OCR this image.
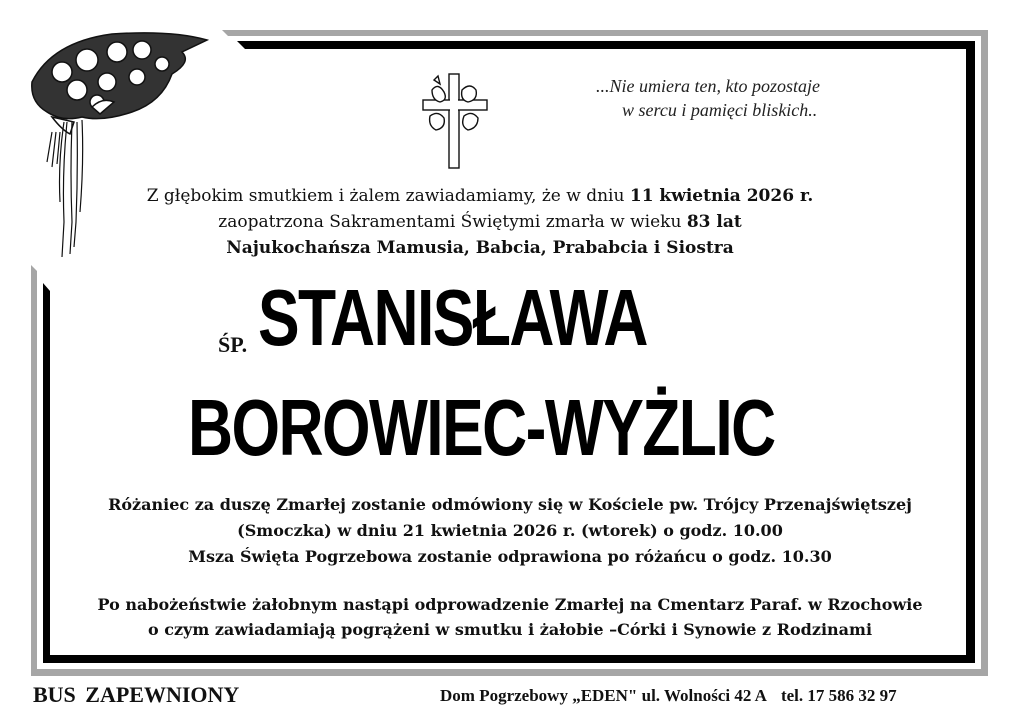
...Nie umiera ten, kto pozostaje
w sercu i pamięci bliskich..
Z głębokim smutkiem i żalem zawiadamiamy, że w dniu 11 kwietnia 2026 r.
zaopatrzona Sakramentami Świętymi zmarła w wieku 83 lat
Najukochańsza Mamusia, Babcia, Prababcia i Siostra
ŚP. STANISŁAWA
BOROWIEC-WYŻLIC
Różaniec za duszę Zmarłej zostanie odmówiony się w Kościele pw. Trójcy Przenajświętszej
(Smoczka) w dniu 21 kwietnia 2026 r. (wtorek) o godz. 10.00
Msza Święta Pogrzebowa zostanie odprawiona po różańcu o godz. 10.30
Po nabożeństwie żałobnym nastąpi odprowadzenie Zmarłej na Cmentarz Paraf. w Rzochowie
o czym zawiadamiają pogrążeni w smutku i żałobie –Córki i Synowie z Rodzinami
BUS ZAPEWNIONY	Dom Pogrzebowy „EDEN" ul. Wolności 42 A tel. 17 586 32 97
